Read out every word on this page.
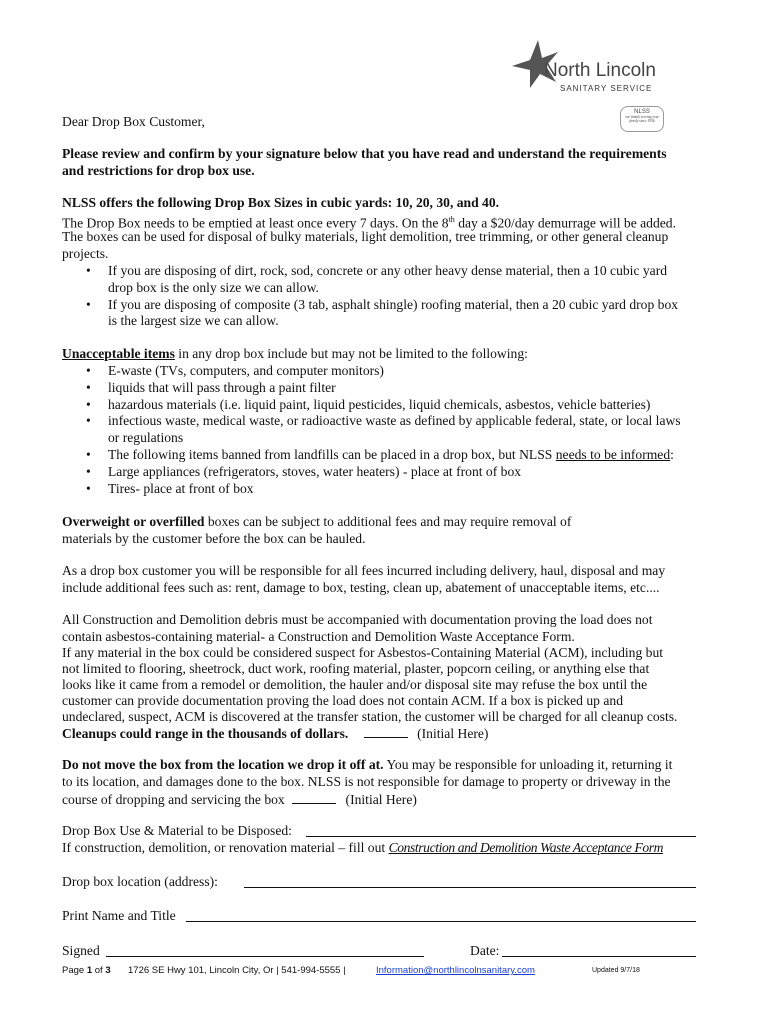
North Lincoln
SANITARY SERVICE
NLSS
our family serving your family since 1956
Dear Drop Box Customer,
Please review and confirm by your signature below that you have read and understand the requirements
and restrictions for drop box use.
NLSS offers the following Drop Box Sizes in cubic yards: 10, 20, 30, and 40.
The Drop Box needs to be emptied at least once every 7 days. On the 8th day a $20/day demurrage will be added.
The boxes can be used for disposal of bulky materials, light demolition, tree trimming, or other general cleanup
projects.
• If you are disposing of dirt, rock, sod, concrete or any other heavy dense material, then a 10 cubic yard
drop box is the only size we can allow.
• If you are disposing of composite (3 tab, asphalt shingle) roofing material, then a 20 cubic yard drop box
is the largest size we can allow.
Unacceptable items in any drop box include but may not be limited to the following:
• E-waste (TVs, computers, and computer monitors)
• liquids that will pass through a paint filter
• hazardous materials (i.e. liquid paint, liquid pesticides, liquid chemicals, asbestos, vehicle batteries)
• infectious waste, medical waste, or radioactive waste as defined by applicable federal, state, or local laws
or regulations
• The following items banned from landfills can be placed in a drop box, but NLSS needs to be informed:
• Large appliances (refrigerators, stoves, water heaters) - place at front of box
• Tires- place at front of box
Overweight or overfilled boxes can be subject to additional fees and may require removal of
materials by the customer before the box can be hauled.
As a drop box customer you will be responsible for all fees incurred including delivery, haul, disposal and may
include additional fees such as: rent, damage to box, testing, clean up, abatement of unacceptable items, etc....
All Construction and Demolition debris must be accompanied with documentation proving the load does not
contain asbestos-containing material- a Construction and Demolition Waste Acceptance Form.
If any material in the box could be considered suspect for Asbestos-Containing Material (ACM), including but
not limited to flooring, sheetrock, duct work, roofing material, plaster, popcorn ceiling, or anything else that
looks like it came from a remodel or demolition, the hauler and/or disposal site may refuse the box until the
customer can provide documentation proving the load does not contain ACM. If a box is picked up and
undeclared, suspect, ACM is discovered at the transfer station, the customer will be charged for all cleanup costs.
Cleanups could range in the thousands of dollars.	(Initial Here)
Do not move the box from the location we drop it off at. You may be responsible for unloading it, returning it
to its location, and damages done to the box. NLSS is not responsible for damage to property or driveway in the
course of dropping and servicing the box	(Initial Here)
Drop Box Use & Material to be Disposed:
If construction, demolition, or renovation material – fill out Construction and Demolition Waste Acceptance Form
Drop box location (address):
Print Name and Title
Signed	Date:
Page 1 of 3 1726 SE Hwy 101, Lincoln City, Or | 541-994-5555 |	Information@northlincolnsanitary.com	Updated 9/7/18
